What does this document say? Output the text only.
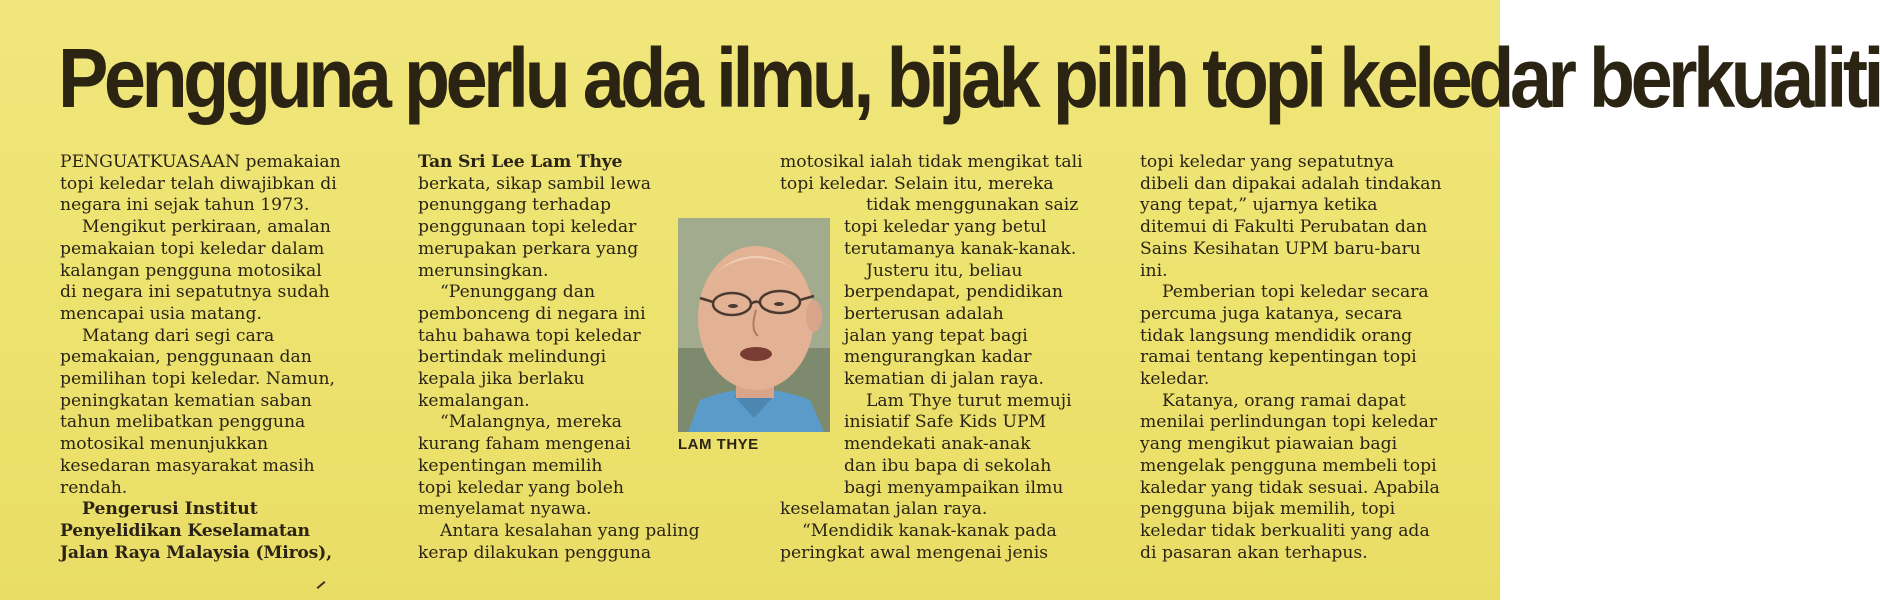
Pengguna perlu ada ilmu, bijak pilih topi keledar berkualiti

PENGUATKUASAAN pemakaian

topi keledar telah diwajibkan di

negara ini sejak tahun 1973.

Mengikut perkiraan, amalan

pemakaian topi keledar dalam

kalangan pengguna motosikal

di negara ini sepatutnya sudah

mencapai usia matang.

Matang dari segi cara

pemakaian, penggunaan dan

pemilihan topi keledar. Namun,

peningkatan kematian saban

tahun melibatkan pengguna

motosikal menunjukkan

kesedaran masyarakat masih

rendah.

Pengerusi Institut

Penyelidikan Keselamatan

Jalan Raya Malaysia (Miros),

Tan Sri Lee Lam Thye

berkata, sikap sambil lewa

penunggang terhadap

penggunaan topi keledar

merupakan perkara yang

merunsingkan.

“Penunggang dan

pembonceng di negara ini

tahu bahawa topi keledar

bertindak melindungi

kepala jika berlaku

kemalangan.

“Malangnya, mereka

kurang faham mengenai

kepentingan memilih

topi keledar yang boleh

menyelamat nyawa.

Antara kesalahan yang paling

kerap dilakukan pengguna

motosikal ialah tidak mengikat tali

topi keledar. Selain itu, mereka

tidak menggunakan saiz

topi keledar yang betul

terutamanya kanak-kanak.

Justeru itu, beliau

berpendapat, pendidikan

berterusan adalah

jalan yang tepat bagi

mengurangkan kadar

kematian di jalan raya.

Lam Thye turut memuji

inisiatif Safe Kids UPM

mendekati anak-anak

dan ibu bapa di sekolah

bagi menyampaikan ilmu

keselamatan jalan raya.

“Mendidik kanak-kanak pada

peringkat awal mengenai jenis

topi keledar yang sepatutnya

dibeli dan dipakai adalah tindakan

yang tepat,” ujarnya ketika

ditemui di Fakulti Perubatan dan

Sains Kesihatan UPM baru-baru

ini.

Pemberian topi keledar secara

percuma juga katanya, secara

tidak langsung mendidik orang

ramai tentang kepentingan topi

keledar.

Katanya, orang ramai dapat

menilai perlindungan topi keledar

yang mengikut piawaian bagi

mengelak pengguna membeli topi

kaledar yang tidak sesuai. Apabila

pengguna bijak memilih, topi

keledar tidak berkualiti yang ada

di pasaran akan terhapus.

LAM THYE
